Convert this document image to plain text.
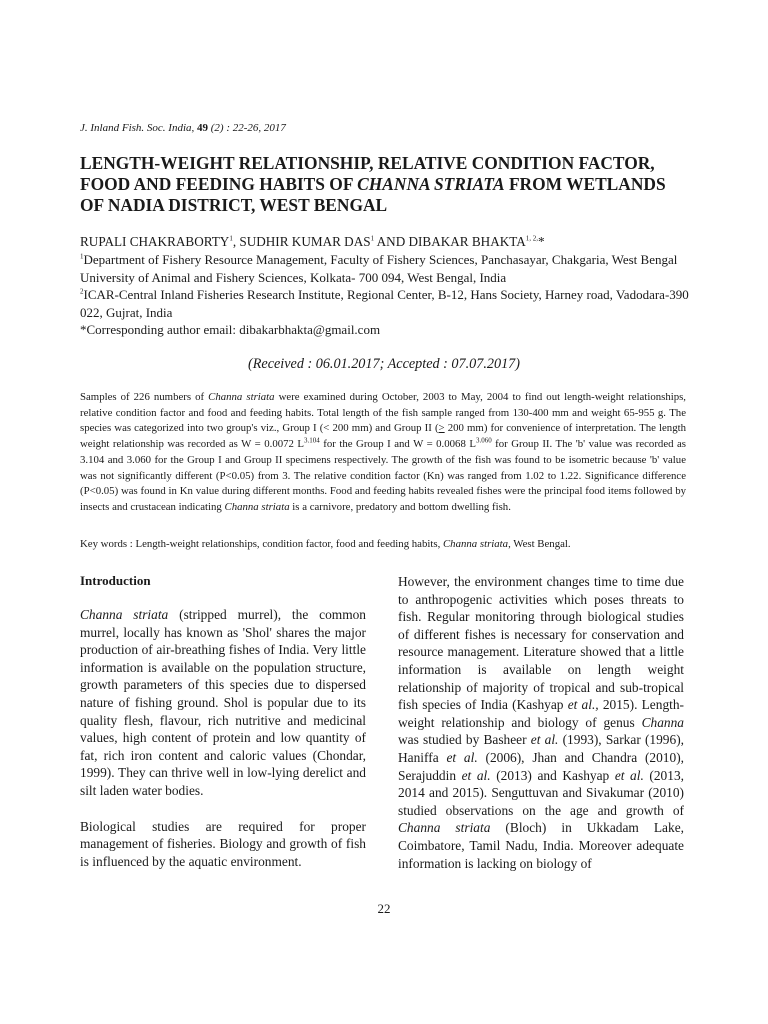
J. Inland Fish. Soc. India, 49 (2) : 22-26, 2017
LENGTH-WEIGHT RELATIONSHIP, RELATIVE CONDITION FACTOR, FOOD AND FEEDING HABITS OF CHANNA STRIATA FROM WETLANDS OF NADIA DISTRICT, WEST BENGAL
RUPALI CHAKRABORTY$^1$, SUDHIR KUMAR DAS$^1$ AND DIBAKAR $BHAKTA^{1, 2,}*$

$^1$Department of Fishery Resource Management, Faculty of Fishery Sciences, Panchasayar, Chakgaria, West Bengal University of Animal and Fishery Sciences, Kolkata- 700 094, West Bengal, India

$^2$ICAR-Central Inland Fisheries Research Institute, Regional Center, B-12, Hans Society, Harney road, Vadodara-390 022, Gujrat, India

*Corresponding author email: dibakarbhakta@gmail.com

(Received : 06.01.2017; Accepted : 07.07.2017)

Samples of 226 numbers of Channa striata were examined during October, 2003 to May, 2004 to find out length-weight relationships, relative condition factor and food and feeding habits. Total length of the fish sample ranged from 130-400 mm and weight 65-955 g. The species was categorized into two group's viz., Group I (< 200 mm) and Group II (≥ 200 mm) for convenience of interpretation. The length weight relationship was recorded as W = 0.0072 $L^{3.104}$ for the Group I and W = 0.0068 $L^{3.060}$ for Group II. The 'b' value was recorded as 3.104 and 3.060 for the Group I and Group II specimens respectively. The growth of the fish was found to be isometric because 'b' value was not significantly different (P<0.05) from 3. The relative condition factor (Kn) was ranged from 1.02 to 1.22. Significance difference (P<0.05) was found in Kn value during different months. Food and feeding habits revealed fishes were the principal food items followed by insects and crustacean indicating Channa striata is a carnivore, predatory and bottom dwelling fish.

Key words : Length-weight relationships, condition factor, food and feeding habits, Channa striata, West Bengal.
Introduction

Channa striata (stripped murrel), the common murrel, locally has known as 'Shol' shares the major production of air-breathing fishes of India. Very little information is available on the population structure, growth parameters of this species due to dispersed nature of fishing ground. Shol is popular due to its quality flesh, flavour, rich nutritive and medicinal values, high content of protein and low quantity of fat, rich iron content and caloric values (Chondar, 1999). They can thrive well in low-lying derelict and silt laden water bodies.

Biological studies are required for proper management of fisheries. Biology and growth of fish is influenced by the aquatic environment.

However, the environment changes time to time due to anthropogenic activities which poses threats to fish. Regular monitoring through biological studies of different fishes is necessary for conservation and resource management. Literature showed that a little information is available on length weight relationship of majority of tropical and sub-tropical fish species of India (Kashyap et al., 2015). Length-weight relationship and biology of genus Channa was studied by Basheer et al. (1993), Sarkar (1996), Haniffa et al. (2006), Jhan and Chandra (2010), Serajuddin et al. (2013) and Kashyap et al. (2013, 2014 and 2015). Senguttuvan and Sivakumar (2010) studied observations on the age and growth of Channa striata (Bloch) in Ukkadam Lake, Coimbatore, Tamil Nadu, India. Moreover adequate information is lacking on biology of

22
